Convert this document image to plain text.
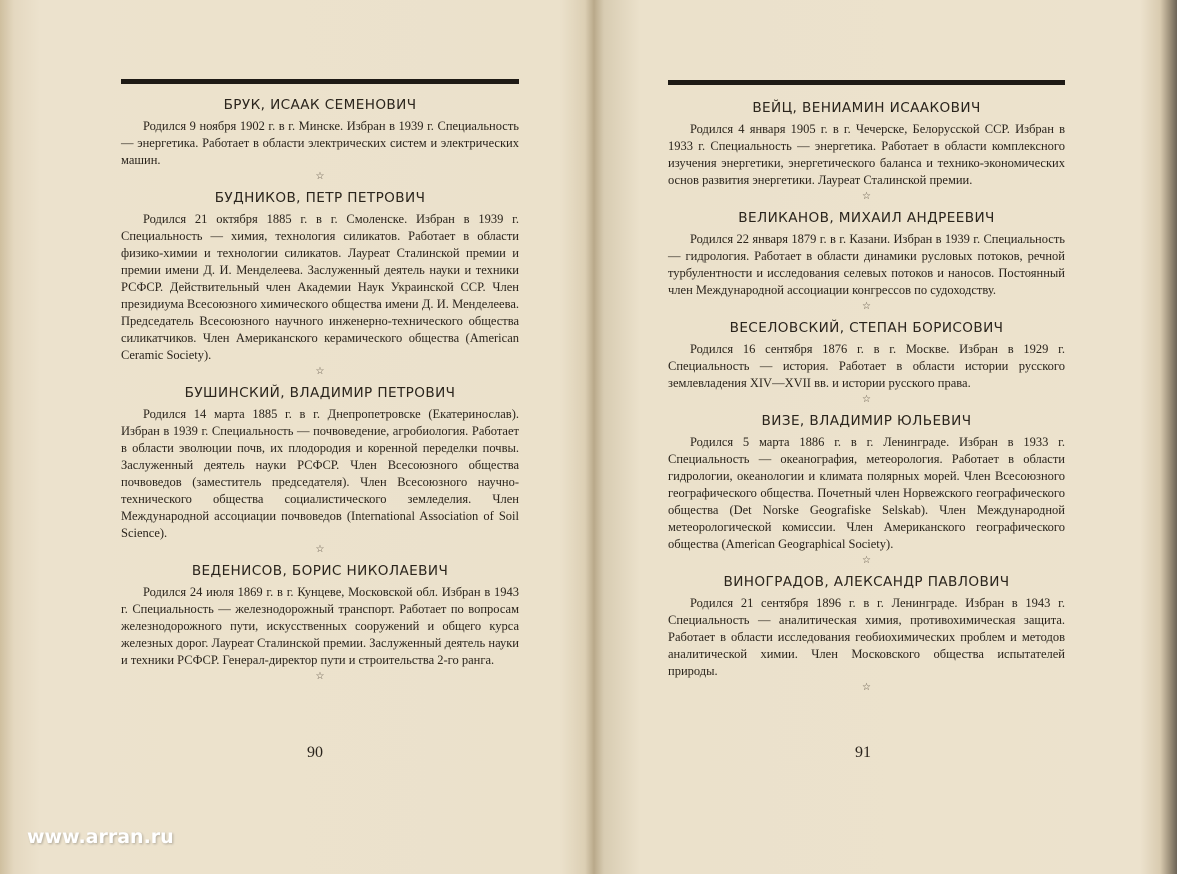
БРУК, ИСААК СЕМЕНОВИЧ

Родился 9 ноября 1902 г. в г. Минске. Избран в 1939 г. Специальность — энергетика. Работает в области электрических систем и электрических машин.

☆

БУДНИКОВ, ПЕТР ПЕТРОВИЧ

Родился 21 октября 1885 г. в г. Смоленске. Избран в 1939 г. Специальность — химия, технология силикатов. Работает в области физико-химии и технологии силикатов. Лауреат Сталинской премии и премии имени Д. И. Менделеева. Заслуженный деятель науки и техники РСФСР. Действительный член Академии Наук Украинской ССР. Член президиума Всесоюзного химического общества имени Д. И. Менделеева. Председатель Всесоюзного научного инженерно-технического общества силикатчиков. Член Американского керамического общества (American Ceramic Society).

☆

БУШИНСКИЙ, ВЛАДИМИР ПЕТРОВИЧ

Родился 14 марта 1885 г. в г. Днепропетровске (Екатеринослав). Избран в 1939 г. Специальность — почвоведение, агробиология. Работает в области эволюции почв, их плодородия и коренной переделки почвы. Заслуженный деятель науки РСФСР. Член Всесоюзного общества почвоведов (заместитель председателя). Член Всесоюзного научно-технического общества социалистического земледелия. Член Международной ассоциации почвоведов (International Association of Soil Science).

☆

ВЕДЕНИСОВ, БОРИС НИКОЛАЕВИЧ

Родился 24 июля 1869 г. в г. Кунцеве, Московской обл. Избран в 1943 г. Специальность — железнодорожный транспорт. Работает по вопросам железнодорожного пути, искусственных сооружений и общего курса железных дорог. Лауреат Сталинской премии. Заслуженный деятель науки и техники РСФСР. Генерал-директор пути и строительства 2-го ранга.

☆
90

ВЕЙЦ, ВЕНИАМИН ИСААКОВИЧ

Родился 4 января 1905 г. в г. Чечерске, Белорусской ССР. Избран в 1933 г. Специальность — энергетика. Работает в области комплексного изучения энергетики, энергетического баланса и технико-экономических основ развития энергетики. Лауреат Сталинской премии.

☆

ВЕЛИКАНОВ, МИХАИЛ АНДРЕЕВИЧ

Родился 22 января 1879 г. в г. Казани. Избран в 1939 г. Специальность — гидрология. Работает в области динамики русловых потоков, речной турбулентности и исследования селевых потоков и наносов. Постоянный член Международной ассоциации конгрессов по судоходству.

☆

ВЕСЕЛОВСКИЙ, СТЕПАН БОРИСОВИЧ

Родился 16 сентября 1876 г. в г. Москве. Избран в 1929 г. Специальность — история. Работает в области истории русского землевладения XIV—XVII вв. и истории русского права.

☆

ВИЗЕ, ВЛАДИМИР ЮЛЬЕВИЧ

Родился 5 марта 1886 г. в г. Ленинграде. Избран в 1933 г. Специальность — океанография, метеорология. Работает в области гидрологии, океанологии и климата полярных морей. Член Всесоюзного географического общества. Почетный член Норвежского географического общества (Det Norske Geografiske Selskab). Член Международной метеорологической комиссии. Член Американского географического общества (American Geographical Society).

☆

ВИНОГРАДОВ, АЛЕКСАНДР ПАВЛОВИЧ

Родился 21 сентября 1896 г. в г. Ленинграде. Избран в 1943 г. Специальность — аналитическая химия, противохимическая защита. Работает в области исследования геобиохимических проблем и методов аналитической химии. Член Московского общества испытателей природы.

☆
91
www.arran.ru
